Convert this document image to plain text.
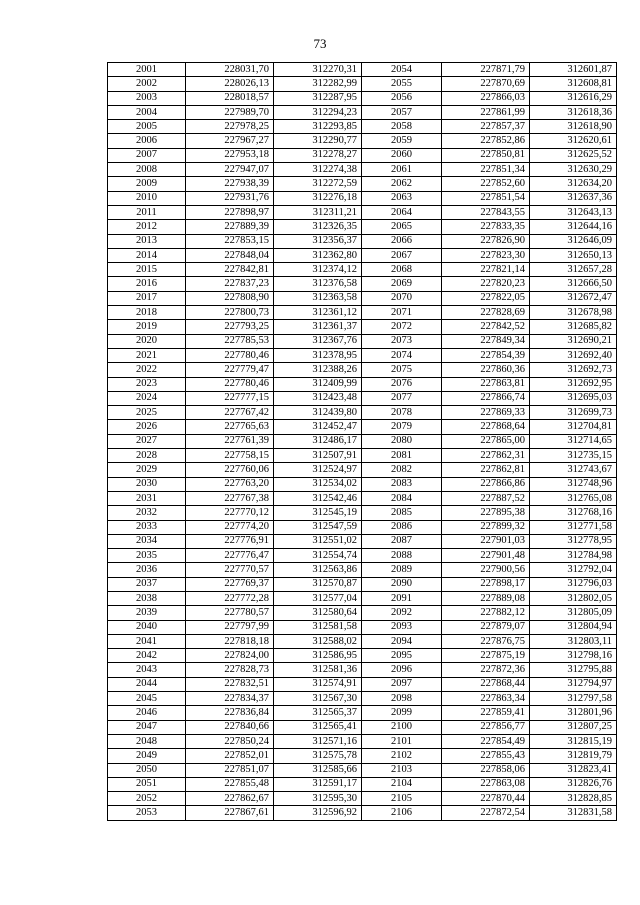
73
2001	228031,70	312270,31	2054	227871,79	312601,87
2002	228026,13	312282,99	2055	227870,69	312608,81
2003	228018,57	312287,95	2056	227866,03	312616,29
2004	227989,70	312294,23	2057	227861,99	312618,36
2005	227978,25	312293,85	2058	227857,37	312618,90
2006	227967,27	312290,77	2059	227852,86	312620,61
2007	227953,18	312278,27	2060	227850,81	312625,52
2008	227947,07	312274,38	2061	227851,34	312630,29
2009	227938,39	312272,59	2062	227852,60	312634,20
2010	227931,76	312276,18	2063	227851,54	312637,36
2011	227898,97	312311,21	2064	227843,55	312643,13
2012	227889,39	312326,35	2065	227833,35	312644,16
2013	227853,15	312356,37	2066	227826,90	312646,09
2014	227848,04	312362,80	2067	227823,30	312650,13
2015	227842,81	312374,12	2068	227821,14	312657,28
2016	227837,23	312376,58	2069	227820,23	312666,50
2017	227808,90	312363,58	2070	227822,05	312672,47
2018	227800,73	312361,12	2071	227828,69	312678,98
2019	227793,25	312361,37	2072	227842,52	312685,82
2020	227785,53	312367,76	2073	227849,34	312690,21
2021	227780,46	312378,95	2074	227854,39	312692,40
2022	227779,47	312388,26	2075	227860,36	312692,73
2023	227780,46	312409,99	2076	227863,81	312692,95
2024	227777,15	312423,48	2077	227866,74	312695,03
2025	227767,42	312439,80	2078	227869,33	312699,73
2026	227765,63	312452,47	2079	227868,64	312704,81
2027	227761,39	312486,17	2080	227865,00	312714,65
2028	227758,15	312507,91	2081	227862,31	312735,15
2029	227760,06	312524,97	2082	227862,81	312743,67
2030	227763,20	312534,02	2083	227866,86	312748,96
2031	227767,38	312542,46	2084	227887,52	312765,08
2032	227770,12	312545,19	2085	227895,38	312768,16
2033	227774,20	312547,59	2086	227899,32	312771,58
2034	227776,91	312551,02	2087	227901,03	312778,95
2035	227776,47	312554,74	2088	227901,48	312784,98
2036	227770,57	312563,86	2089	227900,56	312792,04
2037	227769,37	312570,87	2090	227898,17	312796,03
2038	227772,28	312577,04	2091	227889,08	312802,05
2039	227780,57	312580,64	2092	227882,12	312805,09
2040	227797,99	312581,58	2093	227879,07	312804,94
2041	227818,18	312588,02	2094	227876,75	312803,11
2042	227824,00	312586,95	2095	227875,19	312798,16
2043	227828,73	312581,36	2096	227872,36	312795,88
2044	227832,51	312574,91	2097	227868,44	312794,97
2045	227834,37	312567,30	2098	227863,34	312797,58
2046	227836,84	312565,37	2099	227859,41	312801,96
2047	227840,66	312565,41	2100	227856,77	312807,25
2048	227850,24	312571,16	2101	227854,49	312815,19
2049	227852,01	312575,78	2102	227855,43	312819,79
2050	227851,07	312585,66	2103	227858,06	312823,41
2051	227855,48	312591,17	2104	227863,08	312826,76
2052	227862,67	312595,30	2105	227870,44	312828,85
2053	227867,61	312596,92	2106	227872,54	312831,58
